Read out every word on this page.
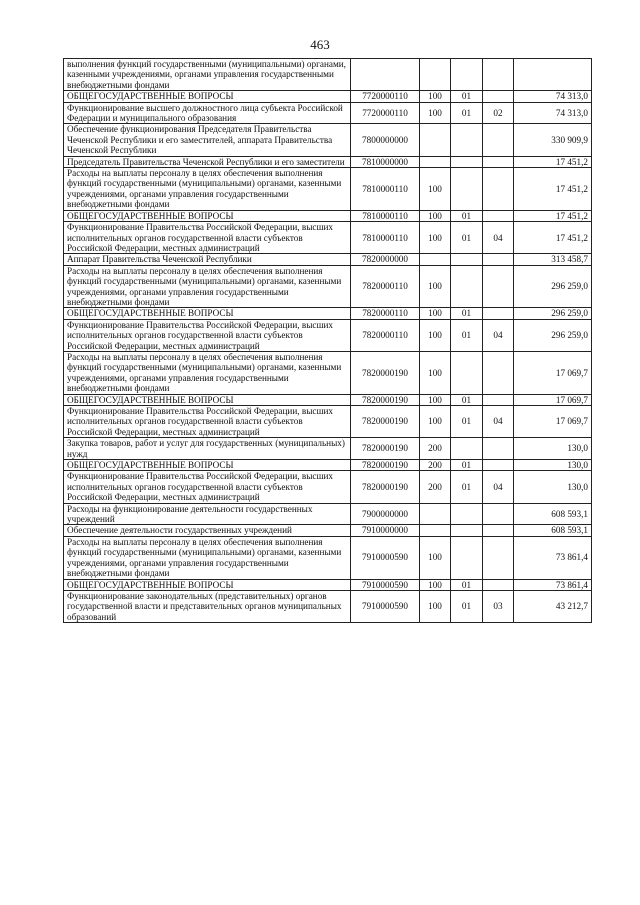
463
выполнения функций государственными (муниципальными) органами, казенными учреждениями, органами управления государственными внебюджетными фондами					
ОБЩЕГОСУДАРСТВЕННЫЕ ВОПРОСЫ	7720000110	100	01		74 313,0
Функционирование высшего должностного лица субъекта Российской Федерации и муниципального образования	7720000110	100	01	02	74 313,0
Обеспечение функционирования Председателя Правительства Чеченской Республики и его заместителей, аппарата Правительства Чеченской Республики	7800000000				330 909,9
Председатель Правительства Чеченской Республики и его заместители	7810000000				17 451,2
Расходы на выплаты персоналу в целях обеспечения выполнения функций государственными (муниципальными) органами, казенными учреждениями, органами управления государственными внебюджетными фондами	7810000110	100			17 451,2
ОБЩЕГОСУДАРСТВЕННЫЕ ВОПРОСЫ	7810000110	100	01		17 451,2
Функционирование Правительства Российской Федерации, высших исполнительных органов государственной власти субъектов Российской Федерации, местных администраций	7810000110	100	01	04	17 451,2
Аппарат Правительства Чеченской Республики	7820000000				313 458,7
Расходы на выплаты персоналу в целях обеспечения выполнения функций государственными (муниципальными) органами, казенными учреждениями, органами управления государственными внебюджетными фондами	7820000110	100			296 259,0
ОБЩЕГОСУДАРСТВЕННЫЕ ВОПРОСЫ	7820000110	100	01		296 259,0
Функционирование Правительства Российской Федерации, высших исполнительных органов государственной власти субъектов Российской Федерации, местных администраций	7820000110	100	01	04	296 259,0
Расходы на выплаты персоналу в целях обеспечения выполнения функций государственными (муниципальными) органами, казенными учреждениями, органами управления государственными внебюджетными фондами	7820000190	100			17 069,7
ОБЩЕГОСУДАРСТВЕННЫЕ ВОПРОСЫ	7820000190	100	01		17 069,7
Функционирование Правительства Российской Федерации, высших исполнительных органов государственной власти субъектов Российской Федерации, местных администраций	7820000190	100	01	04	17 069,7
Закупка товаров, работ и услуг для государственных (муниципальных) нужд	7820000190	200			130,0
ОБЩЕГОСУДАРСТВЕННЫЕ ВОПРОСЫ	7820000190	200	01		130,0
Функционирование Правительства Российской Федерации, высших исполнительных органов государственной власти субъектов Российской Федерации, местных администраций	7820000190	200	01	04	130,0
Расходы на функционирование деятельности государственных учреждений	7900000000				608 593,1
Обеспечение деятельности государственных учреждений	7910000000				608 593,1
Расходы на выплаты персоналу в целях обеспечения выполнения функций государственными (муниципальными) органами, казенными учреждениями, органами управления государственными внебюджетными фондами	7910000590	100			73 861,4
ОБЩЕГОСУДАРСТВЕННЫЕ ВОПРОСЫ	7910000590	100	01		73 861,4
Функционирование законодательных (представительных) органов государственной власти и представительных органов муниципальных образований	7910000590	100	01	03	43 212,7
